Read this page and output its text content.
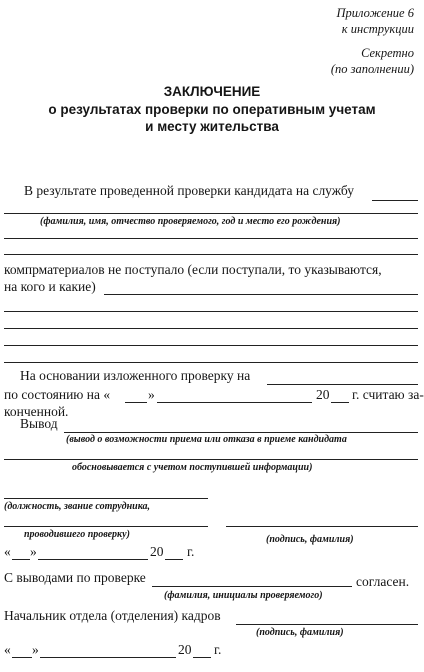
Приложение 6
к инструкции
Секретно
(по заполнении)
ЗАКЛЮЧЕНИЕ
о результатах проверки по оперативным учетам
и месту жительства
В результате проведенной проверки кандидата на службу
(фамилия, имя, отчество проверяемого, год и место его рождения)
компрматериалов не поступало (если поступали, то указываются,
на кого и какие)
На основании изложенного проверку на
по состоянию на «	»	20 г. считаю за-
конченной.
Вывод
(вывод о возможности приема или отказа в приеме кандидата
обосновывается с учетом поступившей информации)
(должность, звание сотрудника,
проводившего проверку)	(подпись, фамилия)
« »	20 г.
С выводами по проверке	согласен.
(фамилия, инициалы проверяемого)
Начальник отдела (отделения) кадров
(подпись, фамилия)
« »	20 г.
